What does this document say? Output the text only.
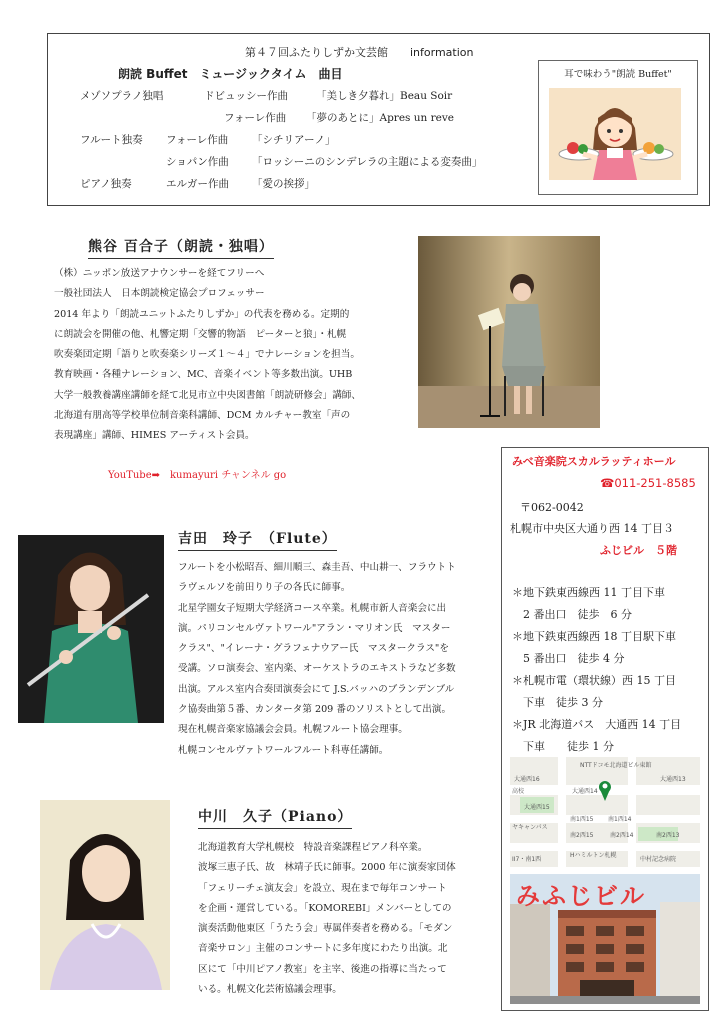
第４７回ふたりしずか文芸館 information
朗読 Buffet　ミュージックタイム　曲目
メゾソプラノ独唱	ドビュッシー作曲	「美しき夕暮れ」Beau Soir
フォーレ作曲 「夢のあとに」Apres un reve
フルート独奏 フォーレ作曲 「シチリアーノ」
ショパン作曲 「ロッシーニのシンデレラの主題による変奏曲」
ピアノ独奏	エルガー作曲 「愛の挨拶」
耳で味わう"朗読 Buffet"
熊谷 百合子（朗読・独唱）
（株）ニッポン放送アナウンサーを経てフリーへ
一般社団法人　日本朗読検定協会プロフェッサー
2014 年より「朗読ユニットふたりしずか」の代表を務める。定期的
に朗読会を開催の他、札響定期「交響的物語　ピーターと狼」・札幌
吹奏楽団定期「語りと吹奏楽シリーズ１～４」でナレーションを担当。
教育映画・各種ナレーション、MC、音楽イベント等多数出演。UHB
大学一般教養講座講師を経て北見市立中央図書館「朗読研修会」講師、
北海道有朋高等学校単位制音楽科講師、DCM カルチャー教室「声の
表現講座」講師、HIMES アーティスト会員。
YouTube➡　kumayuri チャンネル go
吉田　玲子　（Flute）
フルートを小松昭吾、細川順三、森圭吾、中山耕一、フラウトト
ラヴェルソを前田りり子の各氏に師事。
北星学園女子短期大学経済コース卒業。札幌市新人音楽会に出
演。パリコンセルヴァトワール"アラン・マリオン氏　マスター
クラス"、"イレーナ・グラフェナウアー氏　マスタークラス"を
受講。ソロ演奏会、室内楽、オーケストラのエキストラなど多数
出演。アルス室内合奏団演奏会にて J.S.バッハのブランデンブル
ク協奏曲第５番、カンタータ第 209 番のソリストとして出演。
現在札幌音楽家協議会会員。札幌フルート協会理事。
札幌コンセルヴァトワールフルート科専任講師。
中川　久子（Piano）
北海道教育大学札幌校　特設音楽課程ピアノ科卒業。
波塚三恵子氏、故　林靖子氏に師事。2000 年に演奏家団体
「フェリーチェ演友会」を設立、現在まで毎年コンサート
を企画・運営している。「KOMOREBI」メンバーとしての
演奏活動他東区「うたう会」専属伴奏者を務める。「モダン
音楽サロン」主催のコンサートに多年度にわたり出演。北
区にて「中川ピアノ教室」を主宰、後進の指導に当たって
いる。札幌文化芸術協議会理事。
みべ音楽院スカルラッティホール
☎011-251-8585
〒062-0042
札幌市中央区大通り西 14 丁目３
ふじビル　５階
＊地下鉄東西線西 11 丁目下車
　2 番出口　徒歩　6 分
＊地下鉄東西線西 18 丁目駅下車
　5 番出口　徒歩 4 分
＊札幌市電（環状線）西 15 丁目
　下車　徒歩 3 分
＊JR 北海道バス　大通西 14 丁目
　下車　　徒歩 1 分
大通西16
大通西14
NTTドコモ北海道ビル東館
大通西15
大通西13
高校
南1西14
南1西15
南2西14
南2西15	南2西13
ヤキャンパス
II7・南1西
Hハミルトン札幌
中村記念病院
みふじビル
